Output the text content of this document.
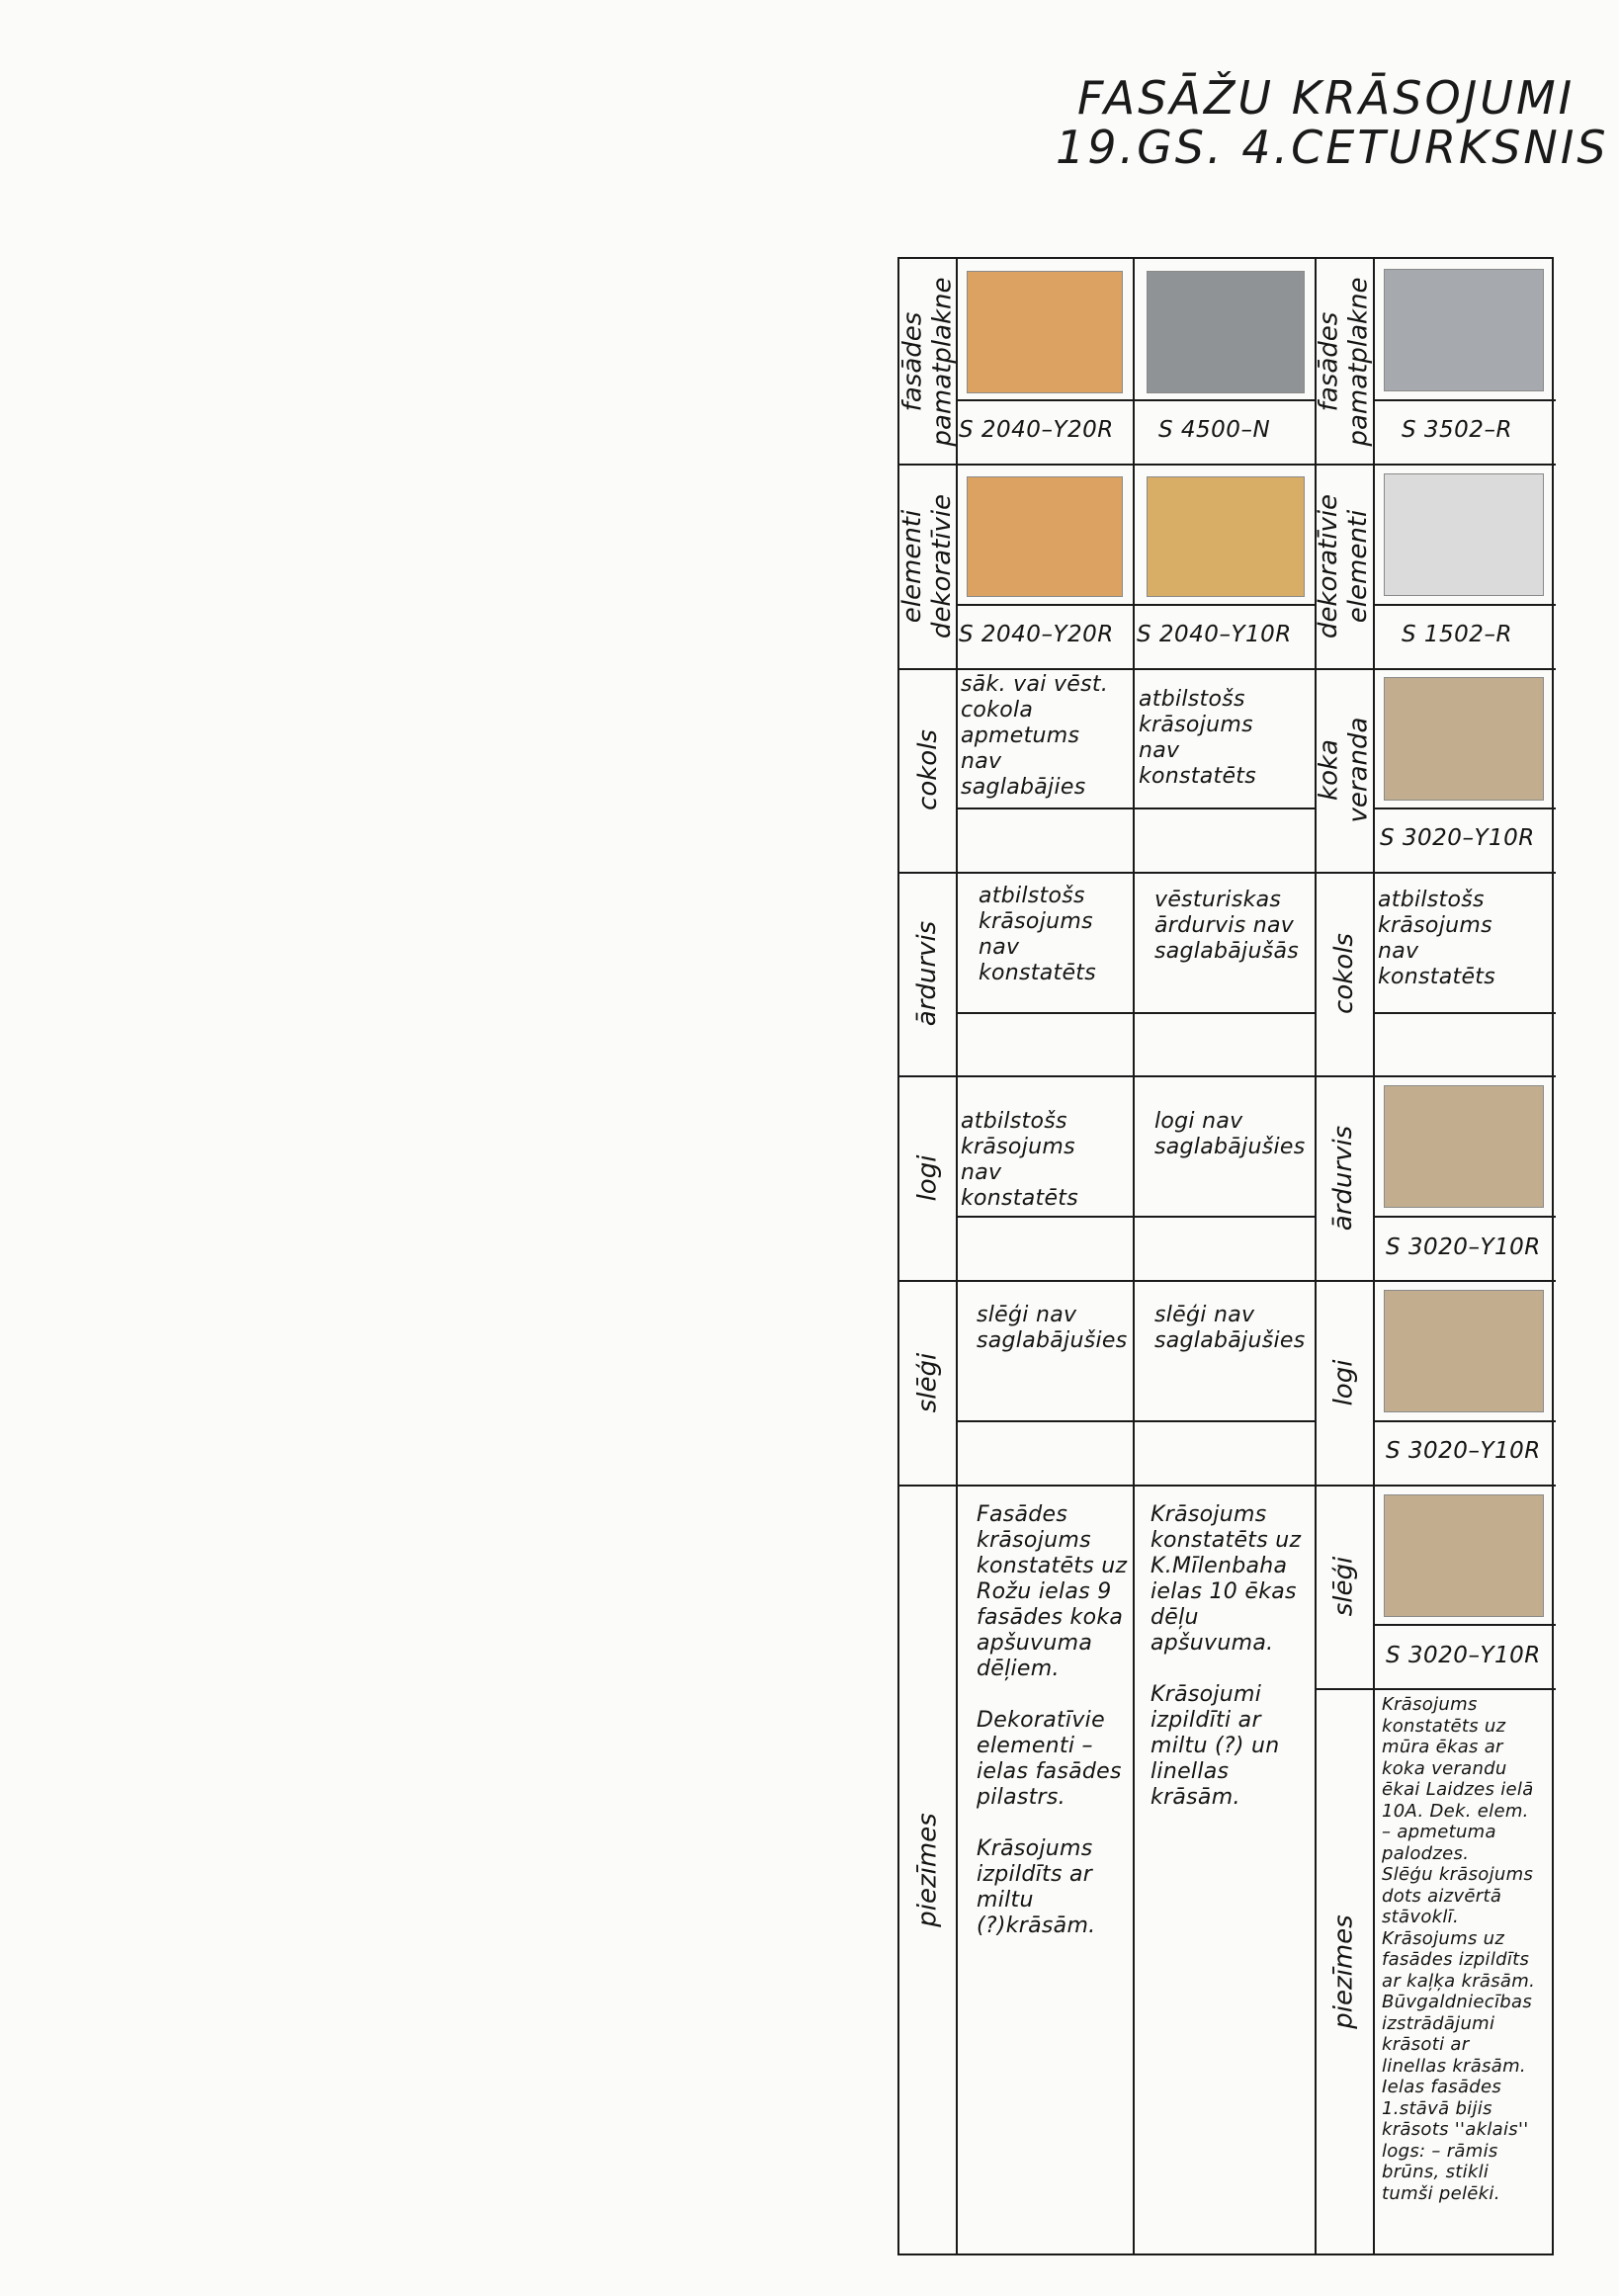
FASĀŽU KRĀSOJUMI
19.GS. 4.CETURKSNIS
fasādes
pamatplakne
elementi
dekoratīvie
cokols
ārdurvis
logi
slēģi
piezīmes
S 2040–Y20R S 4500–N
S 2040–Y20R S 2040–Y10R
sāk. vai vēst.
cokola
apmetums
nav
saglabājies
atbilstošs
krāsojums
nav
konstatēts
atbilstošs
krāsojums
nav
konstatēts
vēsturiskas
ārdurvis nav
saglabājušās
atbilstošs
krāsojums
nav
konstatēts
logi nav
saglabājušies
slēģi nav
saglabājušies
slēģi nav
saglabājušies
Fasādes
krāsojums
konstatēts uz
Rožu ielas 9
fasādes koka
apšuvuma
dēļiem.

Dekoratīvie
elementi –
ielas fasādes
pilastrs.

Krāsojums
izpildīts ar
miltu
(?)krāsām.
Krāsojums
konstatēts uz
K.Mīlenbaha
ielas 10 ēkas
dēļu
apšuvuma.

Krāsojumi
izpildīti ar
miltu (?) un
linellas
krāsām.
fasādes
pamatplakne
dekoratīvie
elementi
koka
veranda
cokols
ārdurvis
logi
slēģi
piezīmes
S 3502–R
S 1502–R
S 3020–Y10R
atbilstošs
krāsojums
nav
konstatēts
S 3020–Y10R
S 3020–Y10R
S 3020–Y10R
Krāsojums
konstatēts uz
mūra ēkas ar
koka verandu
ēkai Laidzes ielā
10A. Dek. elem.
– apmetuma
palodzes.
Slēģu krāsojums
dots aizvērtā
stāvoklī.
Krāsojums uz
fasādes izpildīts
ar kaļķa krāsām.
Būvgaldniecības
izstrādājumi
krāsoti ar
linellas krāsām.
Ielas fasādes
1.stāvā bijis
krāsots ''aklais''
logs: – rāmis
brūns, stikli
tumši pelēki.
